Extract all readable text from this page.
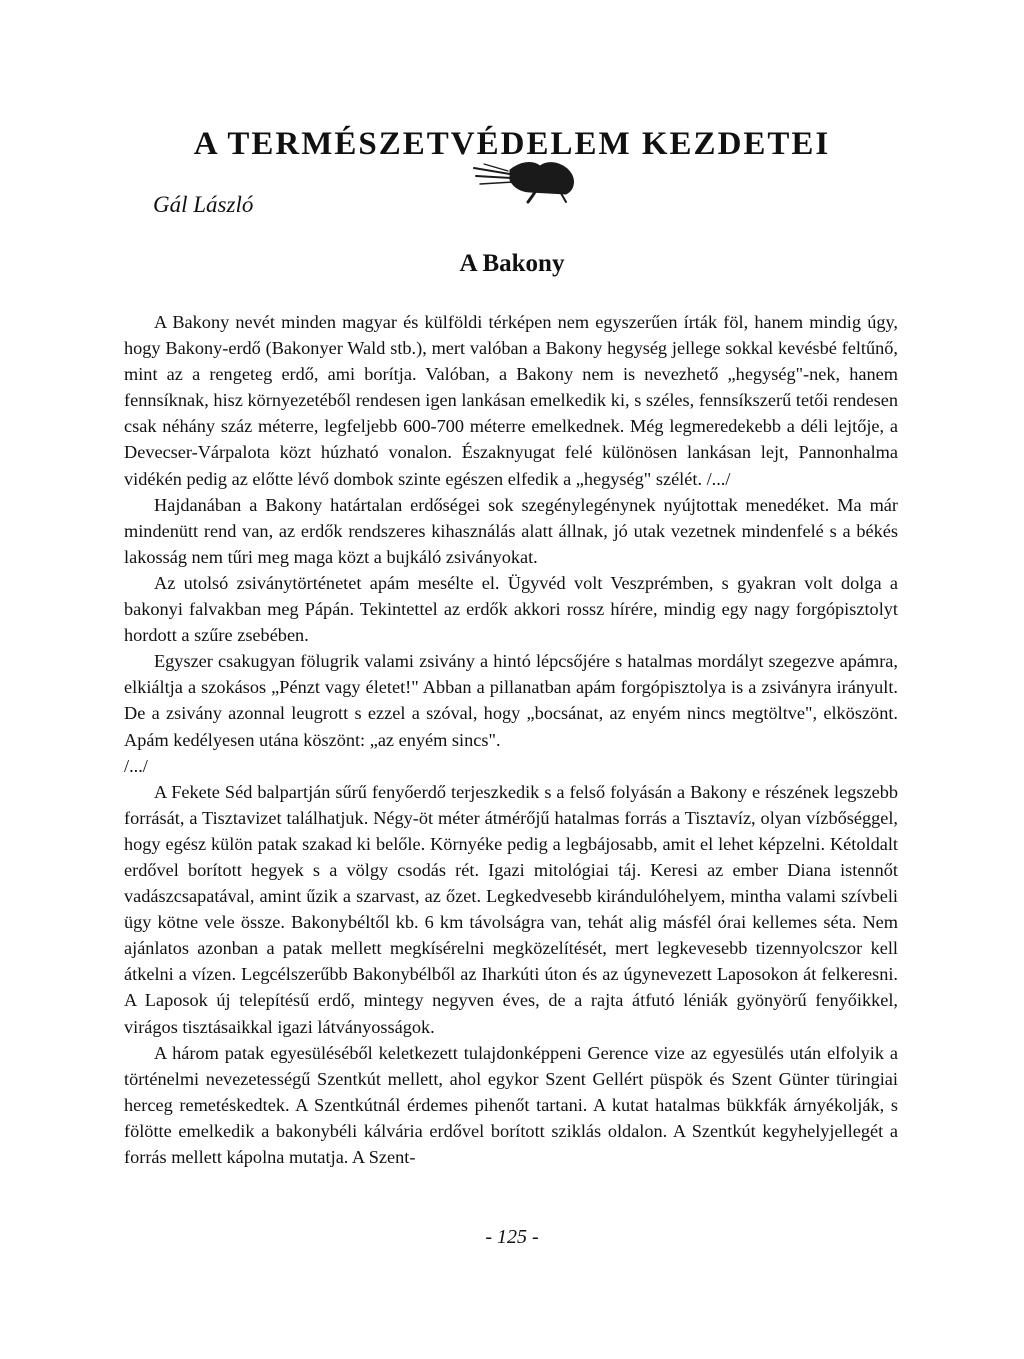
A TERMÉSZETVÉDELEM KEZDETEI
Gál László
A Bakony

A Bakony nevét minden magyar és külföldi térképen nem egyszerűen írták föl, hanem mindig úgy, hogy Bakony-erdő (Bakonyer Wald stb.), mert valóban a Bakony hegység jellege sokkal kevésbé feltűnő, mint az a rengeteg erdő, ami borítja. Valóban, a Bakony nem is nevezhető „hegység"-nek, hanem fennsíknak, hisz környezetéből rendesen igen lankásan emelkedik ki, s széles, fennsíkszerű tetői rendesen csak néhány száz méterre, legfeljebb 600-700 méterre emelkednek. Még legmeredekebb a déli lejtője, a Devecser-Várpalota közt húzható vonalon. Északnyugat felé különösen lankásan lejt, Pannonhalma vidékén pedig az előtte lévő dombok szinte egészen elfedik a „hegység" szélét. /.../

Hajdanában a Bakony határtalan erdőségei sok szegénylegénynek nyújtottak menedéket. Ma már mindenütt rend van, az erdők rendszeres kihasználás alatt állnak, jó utak vezetnek mindenfelé s a békés lakosság nem tűri meg maga közt a bujkáló zsiványokat.

Az utolsó zsiványtörténetet apám mesélte el. Ügyvéd volt Veszprémben, s gyakran volt dolga a bakonyi falvakban meg Pápán. Tekintettel az erdők akkori rossz hírére, mindig egy nagy forgópisztolyt hordott a szűre zsebében.

Egyszer csakugyan fölugrik valami zsivány a hintó lépcsőjére s hatalmas mordályt szegezve apámra, elkiáltja a szokásos „Pénzt vagy életet!" Abban a pillanatban apám forgópisztolya is a zsiványra irányult. De a zsivány azonnal leugrott s ezzel a szóval, hogy „bocsánat, az enyém nincs megtöltve", elköszönt. Apám kedélyesen utána köszönt: „az enyém sincs".

/.../

A Fekete Séd balpartján sűrű fenyőerdő terjeszkedik s a felső folyásán a Bakony e részének legszebb forrását, a Tisztavizet találhatjuk. Négy-öt méter átmérőjű hatalmas forrás a Tisztavíz, olyan vízbőséggel, hogy egész külön patak szakad ki belőle. Környéke pedig a legbájosabb, amit el lehet képzelni. Kétoldalt erdővel borított hegyek s a völgy csodás rét. Igazi mitológiai táj. Keresi az ember Diana istennőt vadászcsapatával, amint űzik a szarvast, az őzet. Legkedvesebb kirándulóhelyem, mintha valami szívbeli ügy kötne vele össze. Bakonybéltől kb. 6 km távolságra van, tehát alig másfél órai kellemes séta. Nem ajánlatos azonban a patak mellett megkísérelni megközelítését, mert legkevesebb tizennyolcszor kell átkelni a vízen. Legcélszerűbb Bakonybélből az Iharkúti úton és az úgynevezett Laposokon át felkeresni. A Laposok új telepítésű erdő, mintegy negyven éves, de a rajta átfutó léniák gyönyörű fenyőikkel, virágos tisztásaikkal igazi látványosságok.

A három patak egyesüléséből keletkezett tulajdonképpeni Gerence vize az egyesülés után elfolyik a történelmi nevezetességű Szentkút mellett, ahol egykor Szent Gellért püspök és Szent Günter türingiai herceg remetéskedtek. A Szentkútnál érdemes pihenőt tartani. A kutat hatalmas bükkfák árnyékolják, s fölötte emelkedik a bakonybéli kálvária erdővel borított sziklás oldalon. A Szentkút kegyhelyjellegét a forrás mellett kápolna mutatja. A Szent-

- 125 -
